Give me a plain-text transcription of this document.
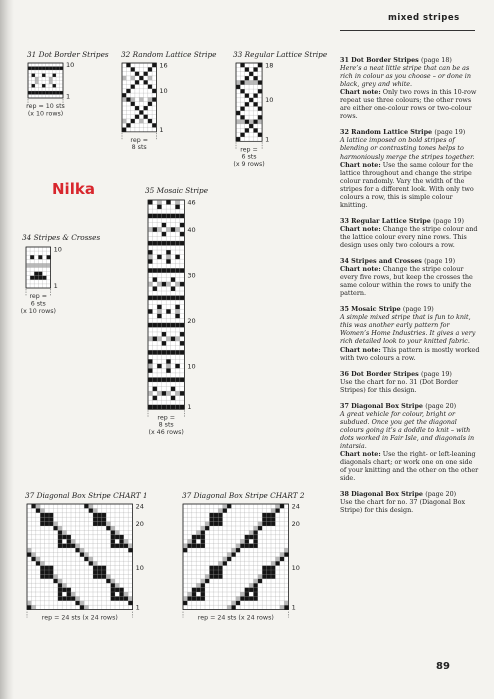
mixed stripes
31 Dot Border Stripes 32 Random Lattice Stripe 33 Regular Lattice Stripe
34 Stripes & Crosses
35 Mosaic Stripe
37 Diagonal Box Stripe CHART 1	37 Diagonal Box Stripe CHART 2
Nilka
10
1
rep = 10 sts
(x 10 rows)
16
10
1
rep =
8 sts
18
10
1
rep =
6 sts
(x 9 rows)
10
1
rep =
6 sts
(x 10 rows)
46
40
30
20
10
1
rep =
8 sts
(x 46 rows)
24
20
10
1
rep = 24 sts (x 24 rows)
24
20
10
1
rep = 24 sts (x 24 rows)
31 Dot Border Stripes (page 18)
Here’s a neat little stripe that can be as rich in colour as you choose – or done in black, grey and white.
Chart note: Only two rows in this 10-row repeat use three colours; the other rows are either one-colour rows or two-colour rows.
32 Random Lattice Stripe (page 19)
A lattice imposed on bold stripes of blending or contrasting tones helps to harmoniously merge the stripes together.
Chart note: Use the same colour for the lattice throughout and change the stripe colour randomly. Vary the width of the stripes for a different look. With only two colours a row, this is simple colour knitting.
33 Regular Lattice Stripe (page 19)
Chart note: Change the stripe colour and the lattice colour every nine rows. This design uses only two colours a row.
34 Stripes and Crosses (page 19)
Chart note: Change the stripe colour every five rows, but keep the crosses the same colour within the rows to unify the pattern.
35 Mosaic Stripe (page 19)
A simple mixed stripe that is fun to knit, this was another early pattern for Women’s Home Industries. It gives a very rich detailed look to your knitted fabric.
Chart note: This pattern is mostly worked with two colours a row.
36 Dot Border Stripes (page 19)
Use the chart for no. 31 (Dot Border Stripes) for this design.
37 Diagonal Box Stripe (page 20)
A great vehicle for colour, bright or subdued. Once you get the diagonal colours going it’s a doddle to knit – with dots worked in Fair Isle, and diagonals in intarsia.
Chart note: Use the right- or left-leaning diagonals chart; or work one on one side of your knitting and the other on the other side.
38 Diagonal Box Stripe (page 20)
Use the chart for no. 37 (Diagonal Box Stripe) for this design.
89
